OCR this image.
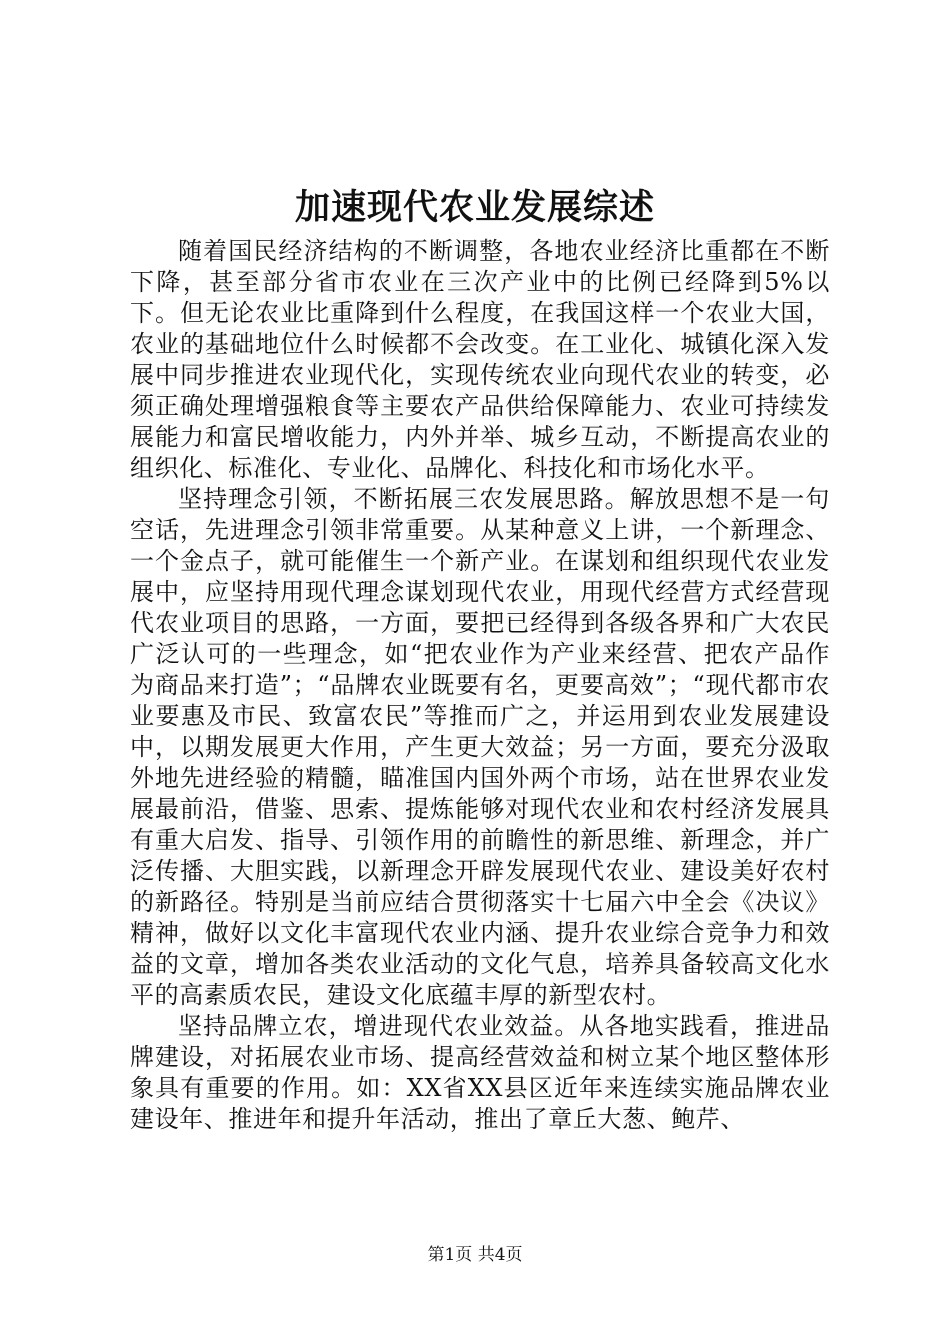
加速现代农业发展综述

随着国民经济结构的不断调整，各地农业经济比重都在不断下降，甚至部分省市农业在三次产业中的比例已经降到5%以下。但无论农业比重降到什么程度，在我国这样一个农业大国，农业的基础地位什么时候都不会改变。在工业化、城镇化深入发展中同步推进农业现代化，实现传统农业向现代农业的转变，必须正确处理增强粮食等主要农产品供给保障能力、农业可持续发展能力和富民增收能力，内外并举、城乡互动，不断提高农业的组织化、标准化、专业化、品牌化、科技化和市场化水平。

坚持理念引领，不断拓展三农发展思路。解放思想不是一句空话，先进理念引领非常重要。从某种意义上讲，一个新理念、一个金点子，就可能催生一个新产业。在谋划和组织现代农业发展中，应坚持用现代理念谋划现代农业，用现代经营方式经营现代农业项目的思路，一方面，要把已经得到各级各界和广大农民广泛认可的一些理念，如“把农业作为产业来经营、把农产品作为商品来打造”；“品牌农业既要有名，更要高效”；“现代都市农业要惠及市民、致富农民”等推而广之，并运用到农业发展建设中，以期发展更大作用，产生更大效益；另一方面，要充分汲取外地先进经验的精髓，瞄准国内国外两个市场，站在世界农业发展最前沿，借鉴、思索、提炼能够对现代农业和农村经济发展具有重大启发、指导、引领作用的前瞻性的新思维、新理念，并广泛传播、大胆实践，以新理念开辟发展现代农业、建设美好农村的新路径。特别是当前应结合贯彻落实十七届六中全会《决议》精神，做好以文化丰富现代农业内涵、提升农业综合竞争力和效益的文章，增加各类农业活动的文化气息，培养具备较高文化水平的高素质农民，建设文化底蕴丰厚的新型农村。

坚持品牌立农，增进现代农业效益。从各地实践看，推进品牌建设，对拓展农业市场、提高经营效益和树立某个地区整体形象具有重要的作用。如：XX省XX县区近年来连续实施品牌农业建设年、推进年和提升年活动，推出了章丘大葱、鲍芹、

第1页 共4页
